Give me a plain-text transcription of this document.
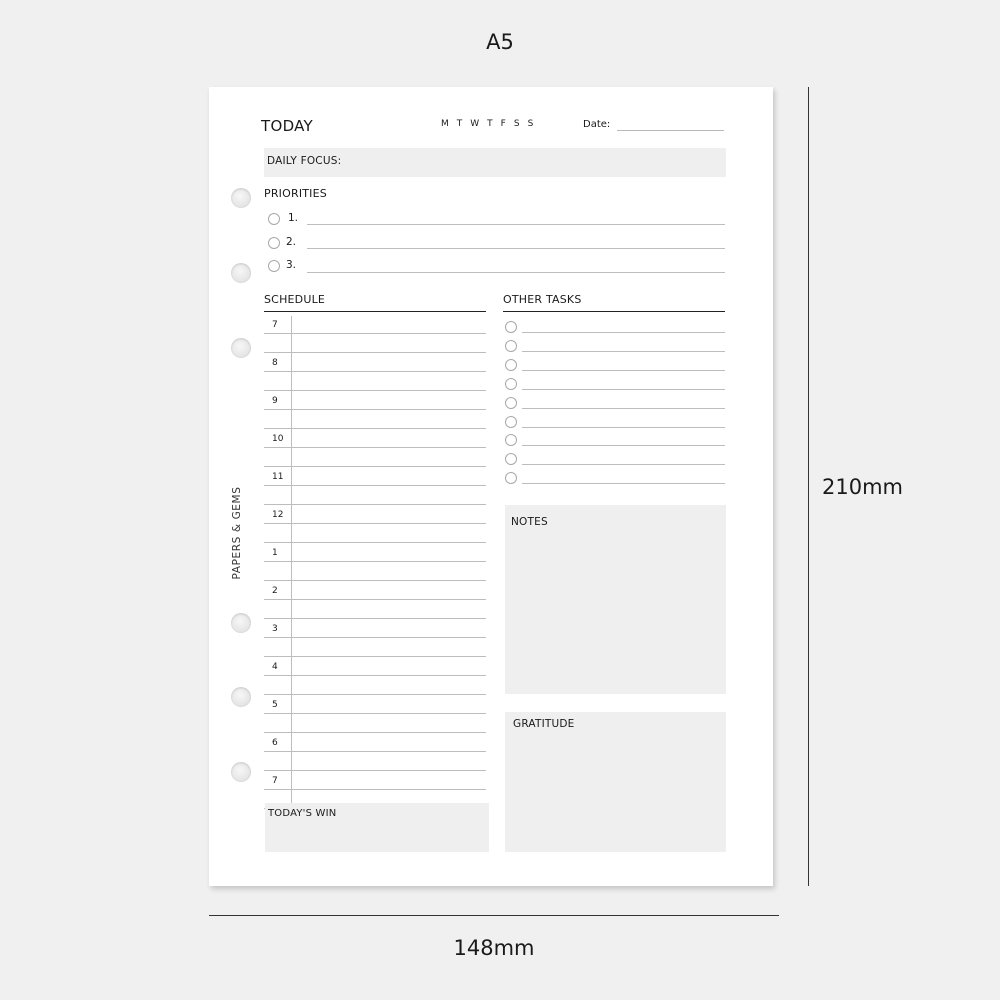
A5
210mm
148mm
PAPERS & GEMS
TODAY	M T W T F S S	Date:
DAILY FOCUS:
PRIORITIES
1.
2.
3.
SCHEDULE
7
8
9
10
11
12
1
2
3
4
5
6
7
OTHER TASKS
NOTES
GRATITUDE
TODAY'S WIN
